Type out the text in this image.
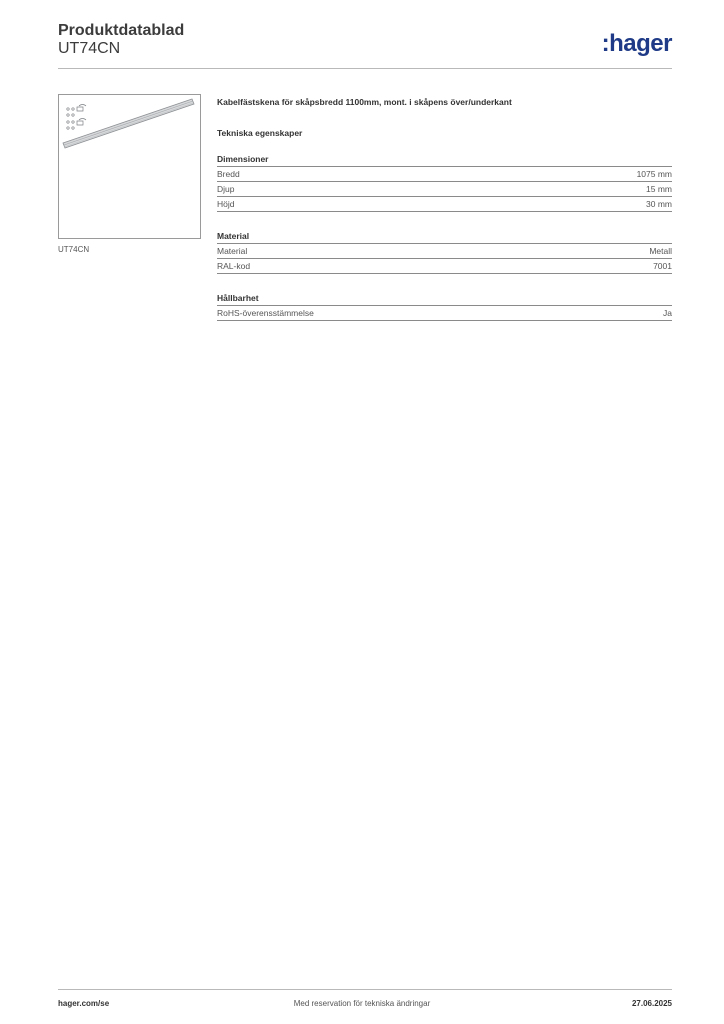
Produktdatablad
UT74CN	:hager
UT74CN

Kabelfästskena för skåpsbredd 1100mm, mont. i skåpens över/underkant

Tekniska egenskaper

Dimensioner
Bredd	1075 mm
Djup	15 mm
Höjd	30 mm
Material
Material	Metall
RAL-kod	7001
Hållbarhet
RoHS-överensstämmelse	Ja
hager.com/se	Med reservation för tekniska ändringar	27.06.2025
